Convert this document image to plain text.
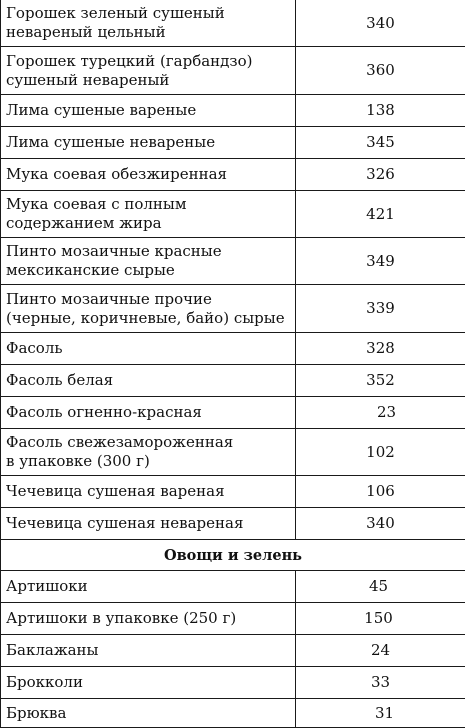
Горошек зеленый сушеный
невареный цельный	340
Горошек турецкий (гарбандзо)
сушеный невареный	360
Лима сушеные вареные	138
Лима сушеные невареные	345
Мука соевая обезжиренная	326
Мука соевая с полным
содержанием жира	421
Пинто мозаичные красные
мексиканские сырые	349
Пинто мозаичные прочие
(черные, коричневые, байо) сырые	339
Фасоль	328
Фасоль белая	352
Фасоль огненно-красная	23
Фасоль свежезамороженная
в упаковке (300 г)	102
Чечевица сушеная вареная	106
Чечевица сушеная невареная	340
Овощи и зелень	
Артишоки	45
Артишоки в упаковке (250 г)	150
Баклажаны	24
Брокколи	33
Брюква	31
